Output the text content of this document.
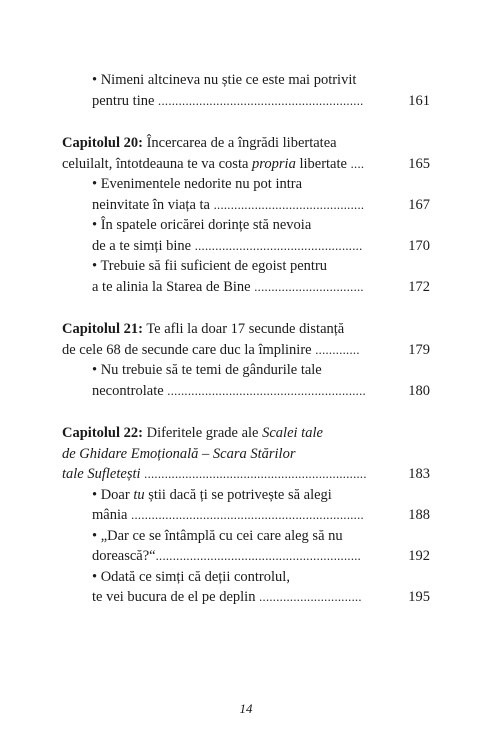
• Nimeni altcineva nu știe ce este mai potrivit
pentru tine ............................................................	161
Capitolul 20: Încercarea de a îngrădi libertatea
celuilalt, întotdeauna te va costa propria libertate ....	165
• Evenimentele nedorite nu pot intra
neinvitate în viața ta ............................................	167
• În spatele oricărei dorințe stă nevoia
de a te simți bine .................................................	170
• Trebuie să fii suficient de egoist pentru
a te alinia la Starea de Bine ................................	172
Capitolul 21: Te afli la doar 17 secunde distanță
de cele 68 de secunde care duc la împlinire .............	179
• Nu trebuie să te temi de gândurile tale
necontrolate ..........................................................	180
Capitolul 22: Diferitele grade ale Scalei tale
de Ghidare Emoțională – Scara Stărilor
tale Sufletești .................................................................	183
• Doar tu știi dacă ți se potrivește să alegi
mânia ....................................................................	188
• „Dar ce se întâmplă cu cei care aleg să nu
dorească?“............................................................	192
• Odată ce simți că deții controlul,
te vei bucura de el pe deplin ..............................	195
14
